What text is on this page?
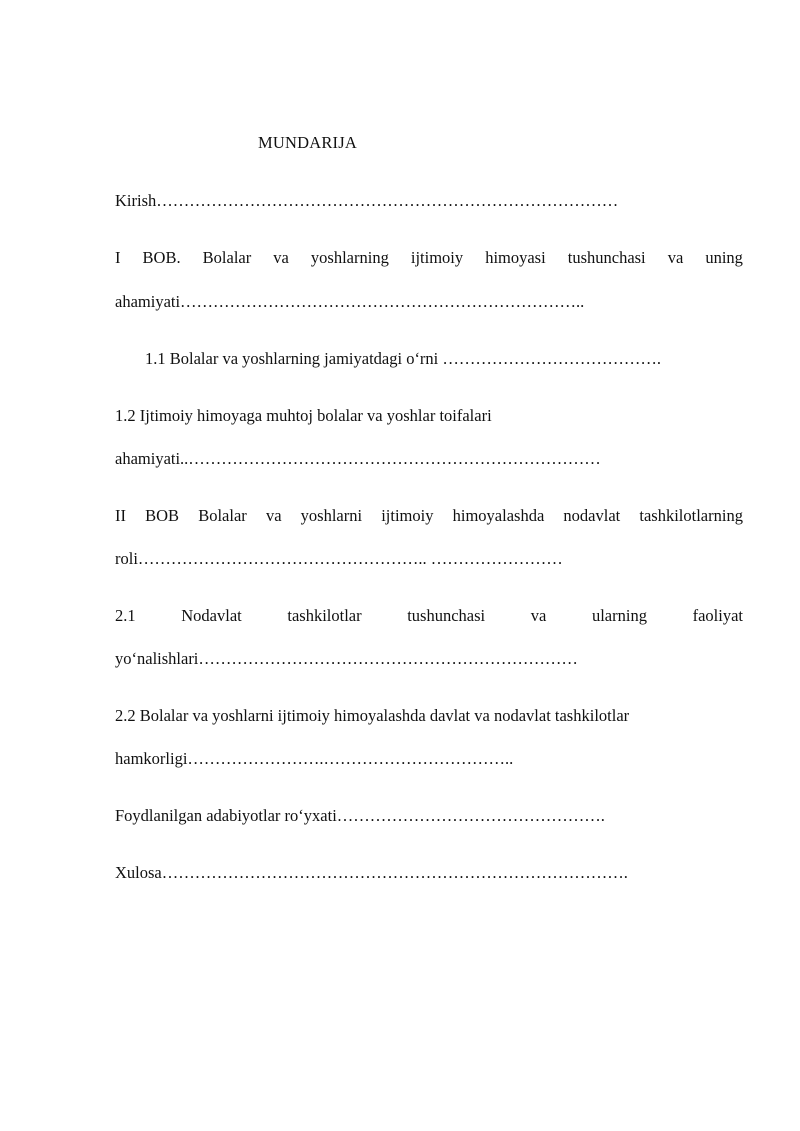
MUNDARIJA
Kirish…………………………………………………………………………
I BOB. Bolalar va yoshlarning ijtimoiy himoyasi tushunchasi va uning
ahamiyati………………………………………………………………..
1.1 Bolalar va yoshlarning jamiyatdagi o‘rni ………………………………….
1.2 Ijtimoiy himoyaga muhtoj bolalar va yoshlar toifalari
ahamiyati..…………………………………………………………………
II BOB Bolalar va yoshlarni ijtimoiy himoyalashda nodavlat tashkilotlarning
roli…………………………………………….. ……………………
2.1	Nodavlat	tashkilotlar	tushunchasi	va	ularning	faoliyat
yo‘nalishlari……………………………………………………………
2.2 Bolalar va yoshlarni ijtimoiy himoyalashda davlat va nodavlat tashkilotlar
hamkorligi…………………….……………………………..
Foydlanilgan adabiyotlar ro‘yxati………………………………………….
Xulosa………………………………………………………………………….
